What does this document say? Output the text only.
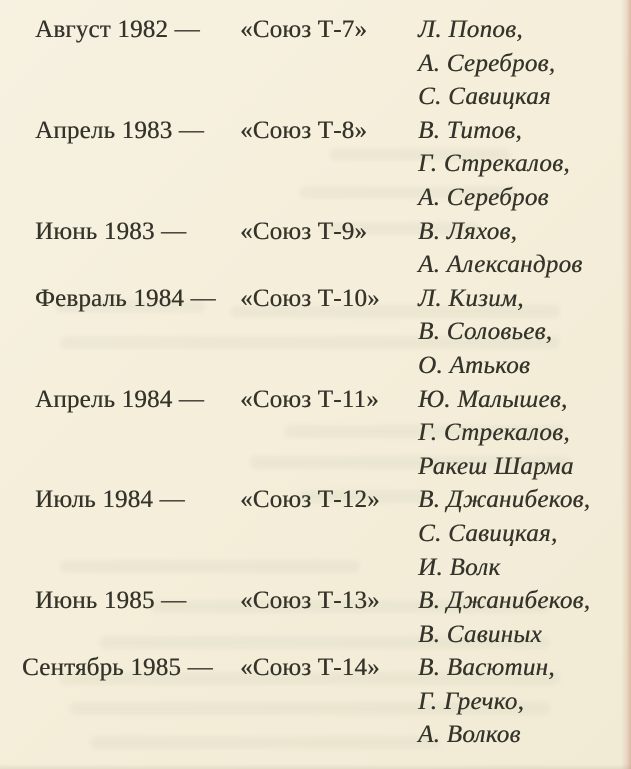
Август 1982 —	«Союз Т-7»	Л. Попов,
А. Серебров,
С. Савицкая
Апрель 1983 —	«Союз Т-8»	В. Титов,
Г. Стрекалов,
А. Серебров
Июнь 1983 —	«Союз Т-9»	В. Ляхов,
А. Александров
Февраль 1984 — «Союз Т-10»	Л. Кизим,
В. Соловьев,
О. Атьков
Апрель 1984 —	«Союз Т-11»	Ю. Малышев,
Г. Стрекалов,
Ракеш Шарма
Июль 1984 —	«Союз Т-12»	В. Джанибеков,
С. Савицкая,
И. Волк
Июнь 1985 —	«Союз Т-13»	В. Джанибеков,
В. Савиных
Сентябрь 1985 —	«Союз Т-14»	В. Васютин,
Г. Гречко,
А. Волков
